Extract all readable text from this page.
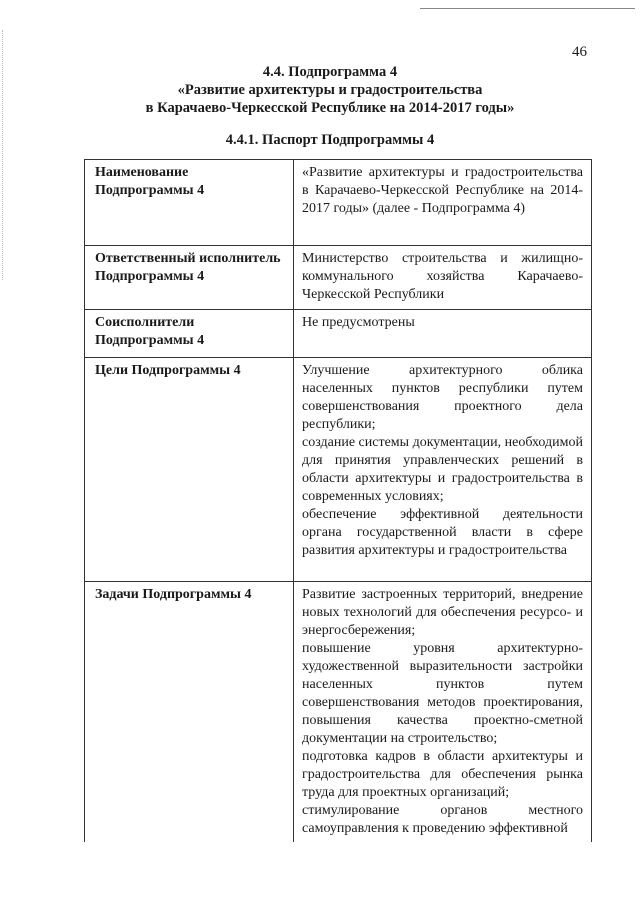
46
4.4. Подпрограмма 4
«Развитие архитектуры и градостроительства
в Карачаево-Черкесской Республике на 2014-2017 годы»
4.4.1. Паспорт Подпрограммы 4
Наименование Подпрограммы 4	«Развитие архитектуры и градостроительства в Карачаево-Черкесской Республике на 2014-2017 годы» (далее - Подпрограмма 4)

Ответственный исполнитель Подпрограммы 4	Министерство строительства и жилищно-коммунального хозяйства Карачаево-Черкесской Республики

Соисполнители Подпрограммы 4	Не предусмотрены

Цели Подпрограммы 4	Улучшение архитектурного облика населенных пунктов республики путем совершенствования проектного дела республики;
создание системы документации, необходимой для принятия управленческих решений в области архитектуры и градостроительства в современных условиях;
обеспечение эффективной деятельности органа государственной власти в сфере развития архитектуры и градостроительства

Задачи Подпрограммы 4	Развитие застроенных территорий, внедрение новых технологий для обеспечения ресурсо- и энергосбережения;
повышение уровня архитектурно-художественной выразительности застройки населенных пунктов путем совершенствования методов проектирования, повышения качества проектно-сметной документации на строительство;
подготовка кадров в области архитектуры и градостроительства для обеспечения рынка труда для проектных организаций;
стимулирование органов местного самоуправления к проведению эффективной
